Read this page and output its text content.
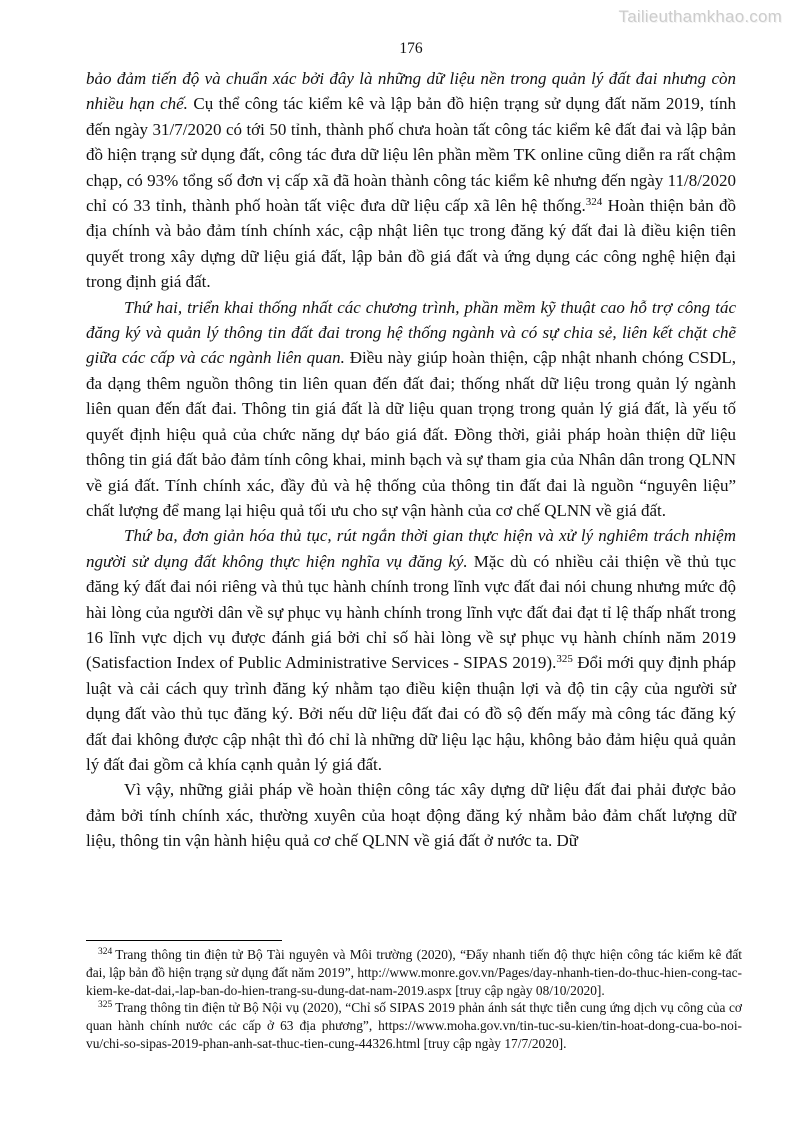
Tailieuthamkhao.com
176

bảo đảm tiến độ và chuẩn xác bởi đây là những dữ liệu nền trong quản lý đất đai nhưng còn nhiều hạn chế. Cụ thể công tác kiểm kê và lập bản đồ hiện trạng sử dụng đất năm 2019, tính đến ngày 31/7/2020 có tới 50 tỉnh, thành phố chưa hoàn tất công tác kiểm kê đất đai và lập bản đồ hiện trạng sử dụng đất, công tác đưa dữ liệu lên phần mềm TK online cũng diễn ra rất chậm chạp, có 93% tổng số đơn vị cấp xã đã hoàn thành công tác kiểm kê nhưng đến ngày 11/8/2020 chỉ có 33 tỉnh, thành phố hoàn tất việc đưa dữ liệu cấp xã lên hệ thống.$^{324}$ Hoàn thiện bản đồ địa chính và bảo đảm tính chính xác, cập nhật liên tục trong đăng ký đất đai là điều kiện tiên quyết trong xây dựng dữ liệu giá đất, lập bản đồ giá đất và ứng dụng các công nghệ hiện đại trong định giá đất.

Thứ hai, triển khai thống nhất các chương trình, phần mềm kỹ thuật cao hỗ trợ công tác đăng ký và quản lý thông tin đất đai trong hệ thống ngành và có sự chia sẻ, liên kết chặt chẽ giữa các cấp và các ngành liên quan. Điều này giúp hoàn thiện, cập nhật nhanh chóng CSDL, đa dạng thêm nguồn thông tin liên quan đến đất đai; thống nhất dữ liệu trong quản lý ngành liên quan đến đất đai. Thông tin giá đất là dữ liệu quan trọng trong quản lý giá đất, là yếu tố quyết định hiệu quả của chức năng dự báo giá đất. Đồng thời, giải pháp hoàn thiện dữ liệu thông tin giá đất bảo đảm tính công khai, minh bạch và sự tham gia của Nhân dân trong QLNN về giá đất. Tính chính xác, đầy đủ và hệ thống của thông tin đất đai là nguồn “nguyên liệu” chất lượng để mang lại hiệu quả tối ưu cho sự vận hành của cơ chế QLNN về giá đất.

Thứ ba, đơn giản hóa thủ tục, rút ngắn thời gian thực hiện và xử lý nghiêm trách nhiệm người sử dụng đất không thực hiện nghĩa vụ đăng ký. Mặc dù có nhiều cải thiện về thủ tục đăng ký đất đai nói riêng và thủ tục hành chính trong lĩnh vực đất đai nói chung nhưng mức độ hài lòng của người dân về sự phục vụ hành chính trong lĩnh vực đất đai đạt tỉ lệ thấp nhất trong 16 lĩnh vực dịch vụ được đánh giá bởi chỉ số hài lòng về sự phục vụ hành chính năm 2019 (Satisfaction Index of Public Administrative Services - SIPAS 2019).$^{325}$ Đổi mới quy định pháp luật và cải cách quy trình đăng ký nhằm tạo điều kiện thuận lợi và độ tin cậy của người sử dụng đất vào thủ tục đăng ký. Bởi nếu dữ liệu đất đai có đồ sộ đến mấy mà công tác đăng ký đất đai không được cập nhật thì đó chỉ là những dữ liệu lạc hậu, không bảo đảm hiệu quả quản lý đất đai gồm cả khía cạnh quản lý giá đất.

Vì vậy, những giải pháp về hoàn thiện công tác xây dựng dữ liệu đất đai phải được bảo đảm bởi tính chính xác, thường xuyên của hoạt động đăng ký nhằm bảo đảm chất lượng dữ liệu, thông tin vận hành hiệu quả cơ chế QLNN về giá đất ở nước ta. Dữ

$^{324}$ Trang thông tin điện tử Bộ Tài nguyên và Môi trường (2020), “Đẩy nhanh tiến độ thực hiện công tác kiểm kê đất đai, lập bản đồ hiện trạng sử dụng đất năm 2019”, http://www.monre.gov.vn/Pages/day-nhanh-tien-do-thuc-hien-cong-tac-kiem-ke-dat-dai,-lap-ban-do-hien-trang-su-dung-dat-nam-2019.aspx [truy cập ngày 08/10/2020].

$^{325}$ Trang thông tin điện tử Bộ Nội vụ (2020), “Chỉ số SIPAS 2019 phản ánh sát thực tiễn cung ứng dịch vụ công của cơ quan hành chính nước các cấp ở 63 địa phương”, https://www.moha.gov.vn/tin-tuc-su-kien/tin-hoat-dong-cua-bo-noi-vu/chi-so-sipas-2019-phan-anh-sat-thuc-tien-cung-44326.html [truy cập ngày 17/7/2020].
